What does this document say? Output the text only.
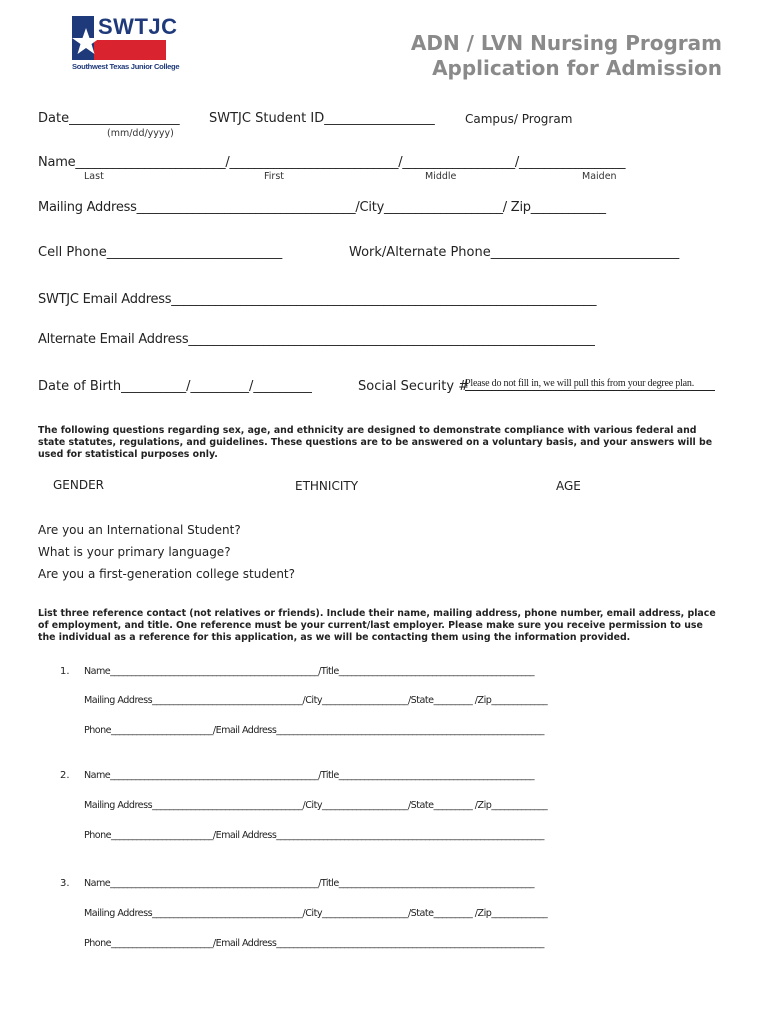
SWTJC
Southwest Texas Junior College
ADN / LVN Nursing Program
Application for Admission
Date_________________
(mm/dd/yyyy)
SWTJC Student ID_________________	Campus/ Program
Name________________________/___________________________/__________________/_________________
Last	First	Middle	Maiden
Mailing Address___________________________________/City___________________/ Zip____________
Cell Phone___________________________	Work/Alternate Phone_____________________________
SWTJC Email Address____________________________________________________________________
Alternate Email Address_________________________________________________________________
Date of Birth__________/_________/_________	Social Security #
Please do not fill in, we will pull this from your degree plan.
The following questions regarding sex, age, and ethnicity are designed to demonstrate compliance with various federal and state statutes, regulations, and guidelines. These questions are to be answered on a voluntary basis, and your answers will be used for statistical purposes only.
GENDER	ETHNICITY	AGE
Are you an International Student?
What is your primary language?
Are you a first-generation college student?
List three reference contact (not relatives or friends). Include their name, mailing address, phone number, email address, place of employment, and title. One reference must be your current/last employer. Please make sure you receive permission to use the individual as a reference for this application, as we will be contacting them using the information provided.
1. Name_________________________________________________/Title______________________________________________
Mailing Address___________________________________/City____________________/State_________ /Zip_____________
Phone________________________/Email Address_______________________________________________________________
2. Name_________________________________________________/Title______________________________________________
Mailing Address___________________________________/City____________________/State_________ /Zip_____________
Phone________________________/Email Address_______________________________________________________________
3. Name_________________________________________________/Title______________________________________________
Mailing Address___________________________________/City____________________/State_________ /Zip_____________
Phone________________________/Email Address_______________________________________________________________
